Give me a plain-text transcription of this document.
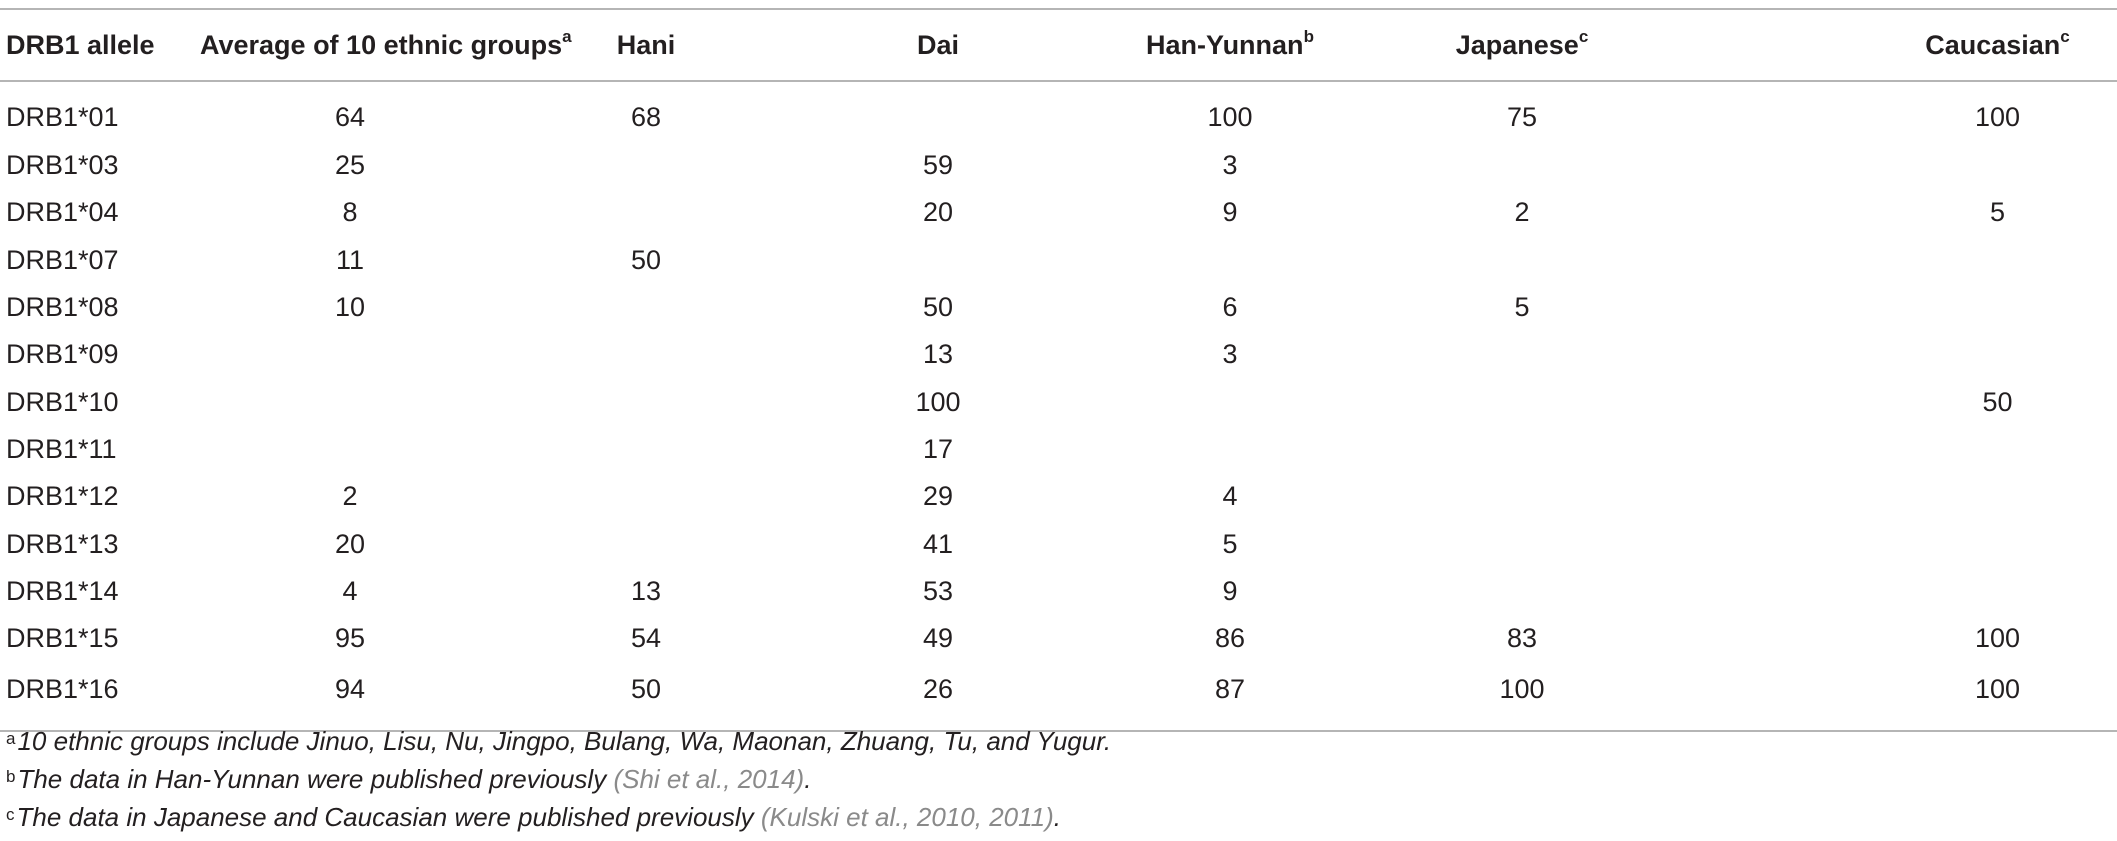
DRB1 allele	Average of 10 ethnic groups$^a$	Hani	Dai	Han-Yunnan$^b$	Japanese$^c$	Caucasian$^c$
DRB1*01	64	68		100	75	100
DRB1*03	25		59	3		
DRB1*04	8		20	9	2	5
DRB1*07	11	50				
DRB1*08	10		50	6	5	
DRB1*09			13	3		
DRB1*10			100			50
DRB1*11			17			
DRB1*12	2		29	4		
DRB1*13	20		41	5		
DRB1*14	4	13	53	9		
DRB1*15	95	54	49	86	83	100
DRB1*16	94	50	26	87	100	100
$^a$10 ethnic groups include Jinuo, Lisu, Nu, Jingpo, Bulang, Wa, Maonan, Zhuang, Tu, and Yugur.
$^b$The data in Han-Yunnan were published previously (Shi et al., 2014).
$^c$The data in Japanese and Caucasian were published previously (Kulski et al., 2010, 2011).
